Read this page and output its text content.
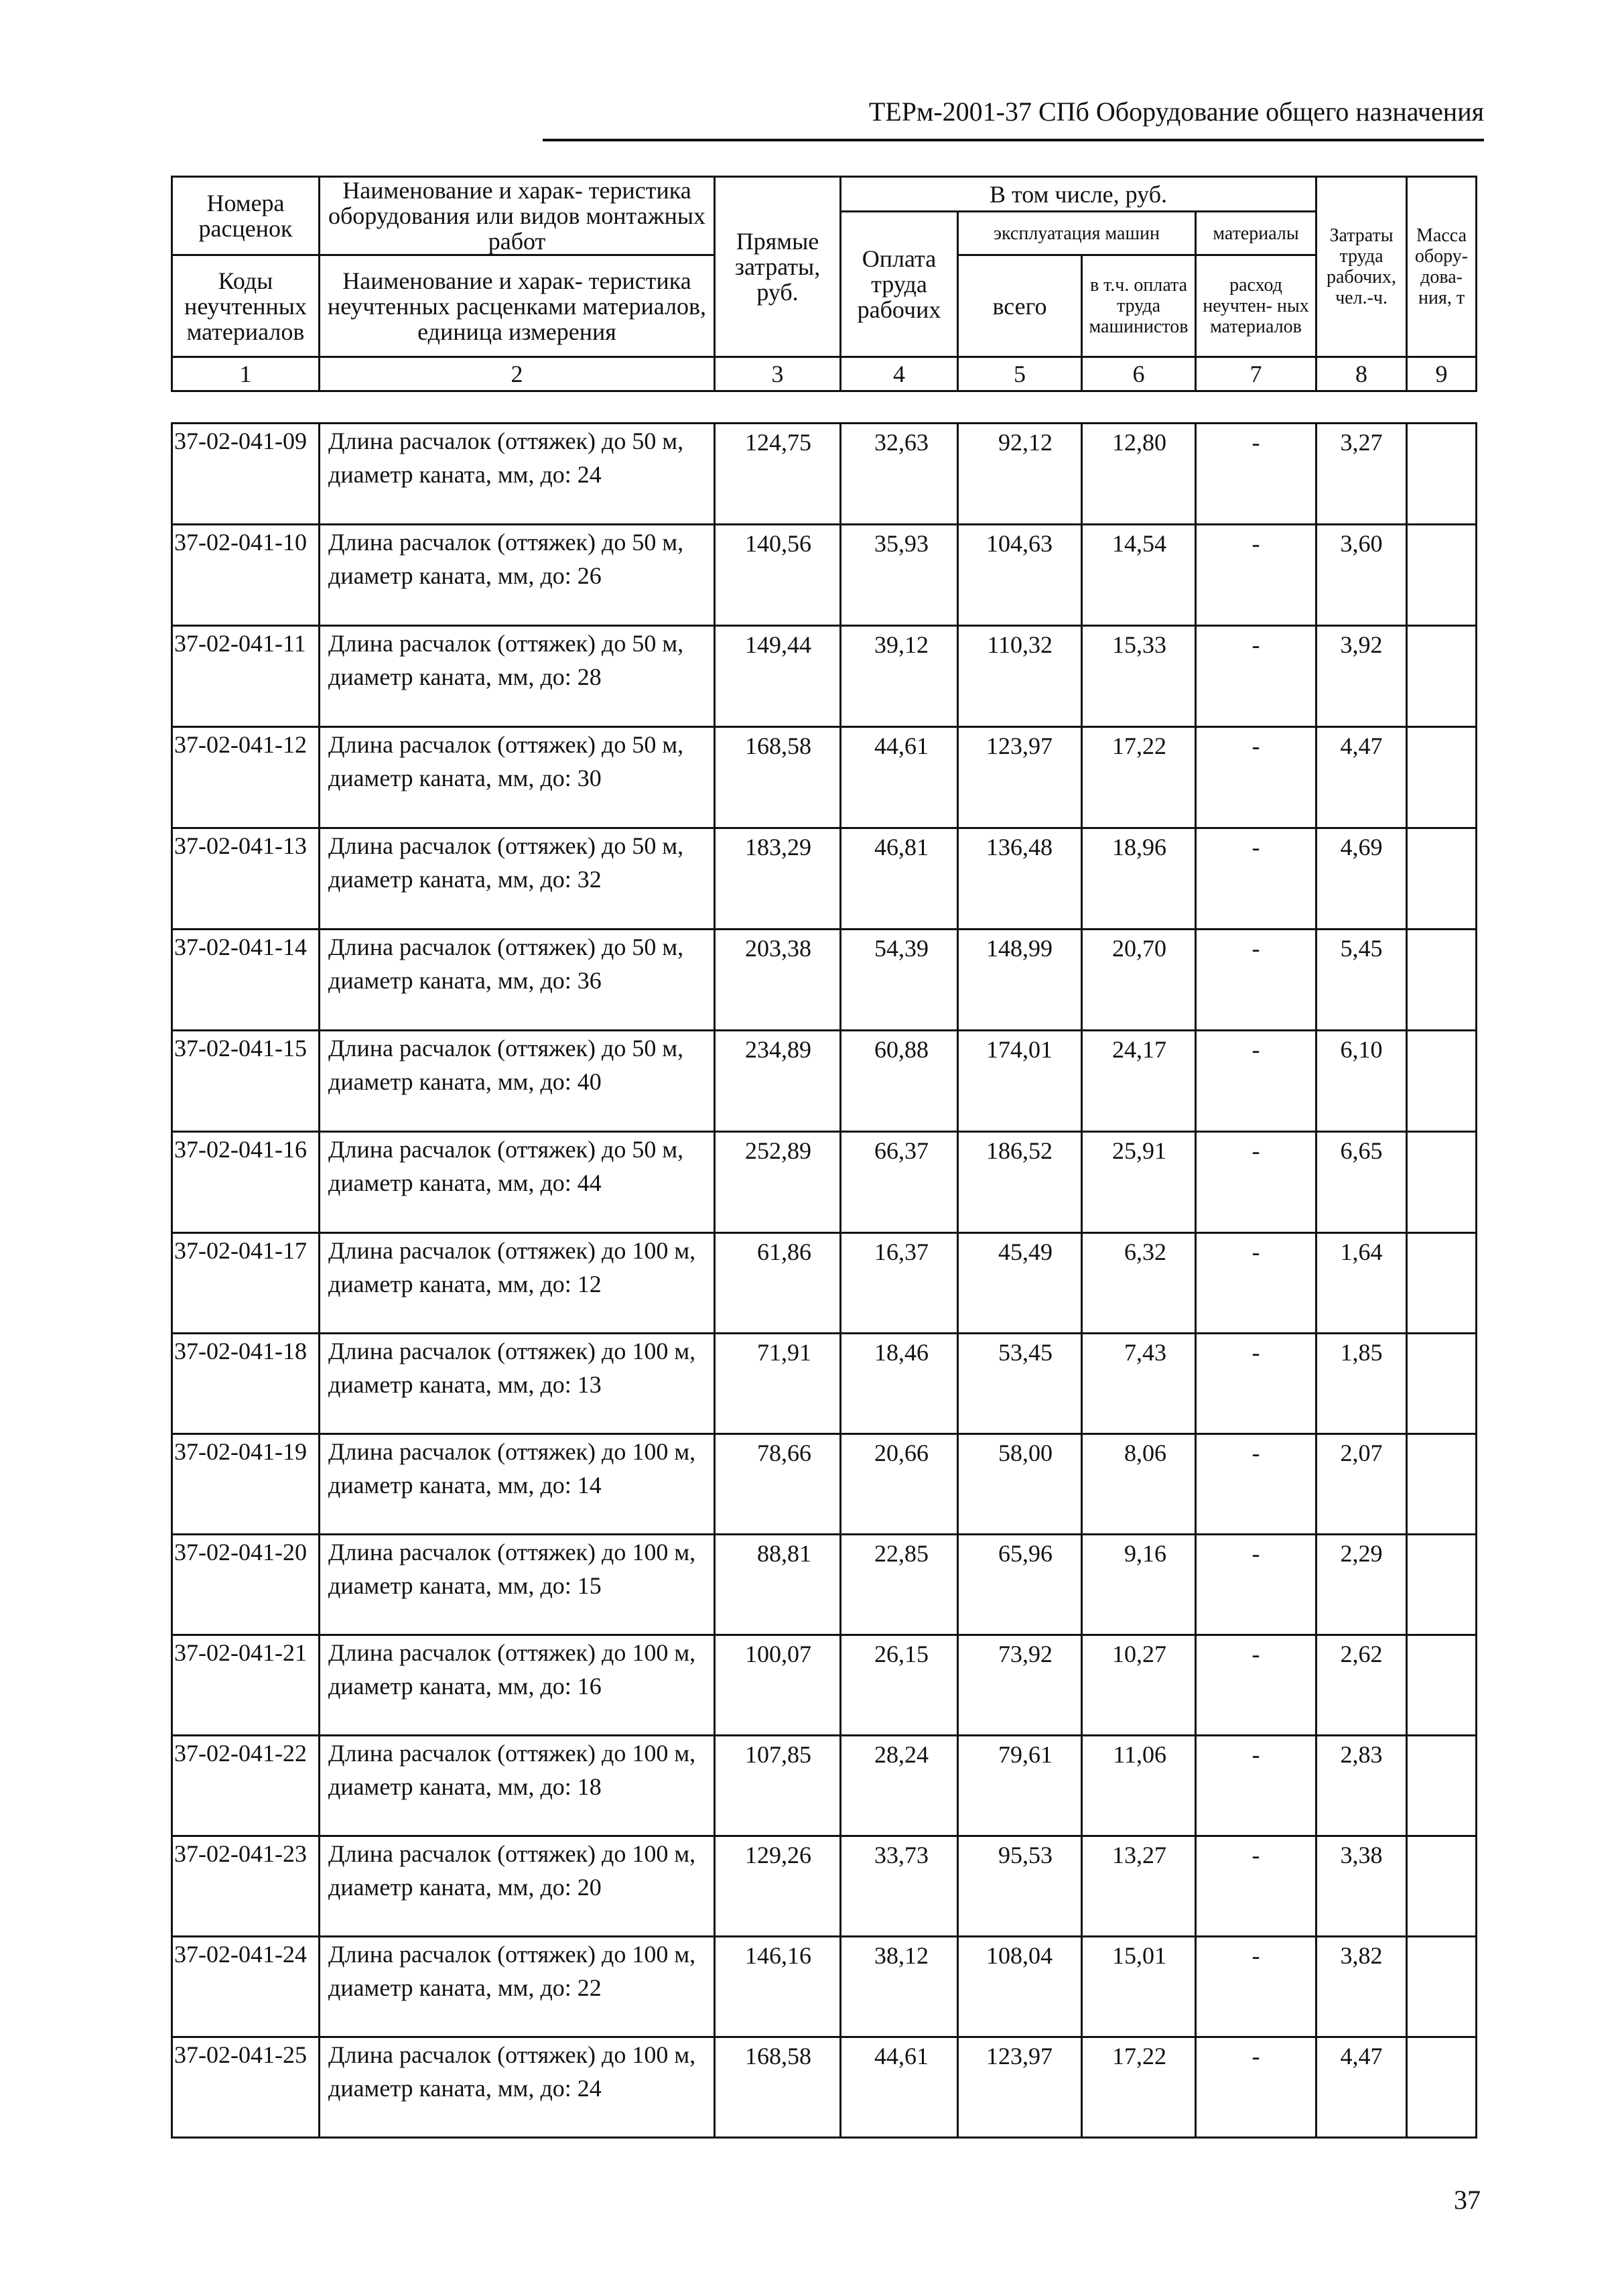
ТЕРм-2001-37 СПб Оборудование общего назначения
Номера расценок	Наименование и харак- теристика оборудования или видов монтажных работ	Прямые затраты, руб.	В том числе, руб.				Затраты труда рабочих, чел.-ч.	Масса обору- дова- ния, т
			Оплата труда рабочих	эксплуатация машин		материалы		
Коды неучтенных материалов	Наименование и харак- теристика неучтенных расценками материалов, единица измерения			всего	в т.ч. оплата труда машинистов	расход неучтен- ных материалов		

1	2	3	4	5	6	7	8	9
37-02-041-09	Длина расчалок (оттяжек) до 50 м, диаметр каната, мм, до: 24	124,75	32,63	92,12	12,80	-	3,27	
37-02-041-10	Длина расчалок (оттяжек) до 50 м, диаметр каната, мм, до: 26	140,56	35,93	104,63	14,54	-	3,60	
37-02-041-11	Длина расчалок (оттяжек) до 50 м, диаметр каната, мм, до: 28	149,44	39,12	110,32	15,33	-	3,92	
37-02-041-12	Длина расчалок (оттяжек) до 50 м, диаметр каната, мм, до: 30	168,58	44,61	123,97	17,22	-	4,47	
37-02-041-13	Длина расчалок (оттяжек) до 50 м, диаметр каната, мм, до: 32	183,29	46,81	136,48	18,96	-	4,69	
37-02-041-14	Длина расчалок (оттяжек) до 50 м, диаметр каната, мм, до: 36	203,38	54,39	148,99	20,70	-	5,45	
37-02-041-15	Длина расчалок (оттяжек) до 50 м, диаметр каната, мм, до: 40	234,89	60,88	174,01	24,17	-	6,10	
37-02-041-16	Длина расчалок (оттяжек) до 50 м, диаметр каната, мм, до: 44	252,89	66,37	186,52	25,91	-	6,65	
37-02-041-17	Длина расчалок (оттяжек) до 100 м, диаметр каната, мм, до: 12	61,86	16,37	45,49	6,32	-	1,64	
37-02-041-18	Длина расчалок (оттяжек) до 100 м, диаметр каната, мм, до: 13	71,91	18,46	53,45	7,43	-	1,85	
37-02-041-19	Длина расчалок (оттяжек) до 100 м, диаметр каната, мм, до: 14	78,66	20,66	58,00	8,06	-	2,07	
37-02-041-20	Длина расчалок (оттяжек) до 100 м, диаметр каната, мм, до: 15	88,81	22,85	65,96	9,16	-	2,29	
37-02-041-21	Длина расчалок (оттяжек) до 100 м, диаметр каната, мм, до: 16	100,07	26,15	73,92	10,27	-	2,62	
37-02-041-22	Длина расчалок (оттяжек) до 100 м, диаметр каната, мм, до: 18	107,85	28,24	79,61	11,06	-	2,83	
37-02-041-23	Длина расчалок (оттяжек) до 100 м, диаметр каната, мм, до: 20	129,26	33,73	95,53	13,27	-	3,38	
37-02-041-24	Длина расчалок (оттяжек) до 100 м, диаметр каната, мм, до: 22	146,16	38,12	108,04	15,01	-	3,82	
37-02-041-25	Длина расчалок (оттяжек) до 100 м, диаметр каната, мм, до: 24	168,58	44,61	123,97	17,22	-	4,47	
37
